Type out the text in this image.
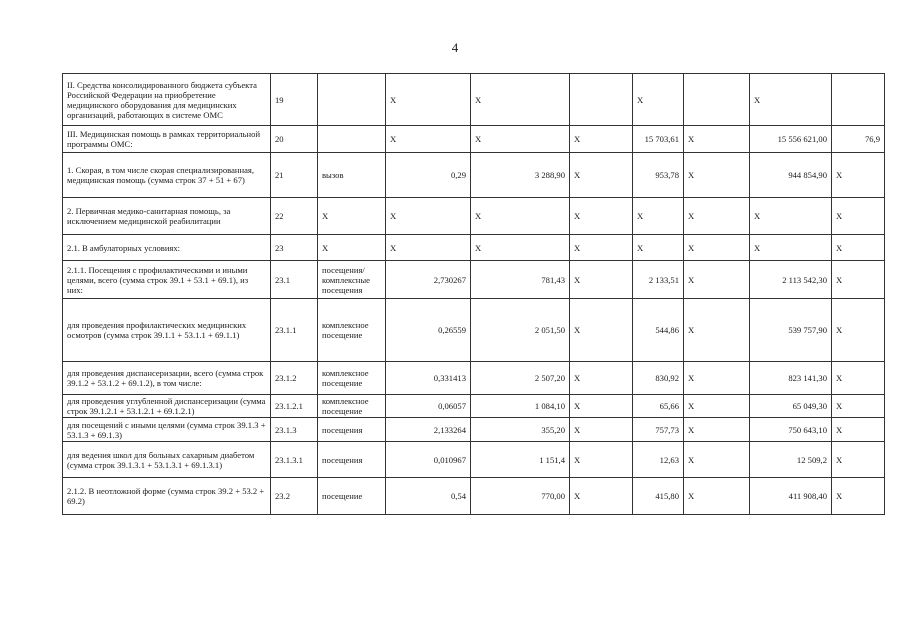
4
II. Средства консолидированного бюджета субъекта Российской Федерации на приобретение медицинского оборудования для медицинских организаций, работающих в системе ОМС	19		X	X		X		X	
III. Медицинская помощь в рамках территориальной программы ОМС:	20		X	X	X	15 703,61	X	15 556 621,00	76,9
1. Скорая, в том числе скорая специализированная, медицинская помощь (сумма строк 37 + 51 + 67)	21	вызов	0,29	3 288,90	X	953,78	X	944 854,90	X
2. Первичная медико-санитарная помощь, за исключением медицинской реабилитации	22	X	X	X	X	X	X	X	X
2.1. В амбулаторных условиях:	23	X	X	X	X	X	X	X	X
2.1.1. Посещения с профилактическими и иными целями, всего (сумма строк 39.1 + 53.1 + 69.1), из них:	23.1	посещения/ комплексные посещения	2,730267	781,43	X	2 133,51	X	2 113 542,30	X
для проведения профилактических медицинских осмотров (сумма строк 39.1.1 + 53.1.1 + 69.1.1)	23.1.1	комплексное посещение	0,26559	2 051,50	X	544,86	X	539 757,90	X
для проведения диспансеризации, всего (сумма строк 39.1.2 + 53.1.2 + 69.1.2), в том числе:	23.1.2	комплексное посещение	0,331413	2 507,20	X	830,92	X	823 141,30	X
для проведения углубленной диспансеризации (сумма строк 39.1.2.1 + 53.1.2.1 + 69.1.2.1)	23.1.2.1	комплексное посещение	0,06057	1 084,10	X	65,66	X	65 049,30	X
для посещений с иными целями (сумма строк 39.1.3 + 53.1.3 + 69.1.3)	23.1.3	посещения	2,133264	355,20	X	757,73	X	750 643,10	X
для ведения школ для больных сахарным диабетом (сумма строк 39.1.3.1 + 53.1.3.1 + 69.1.3.1)	23.1.3.1	посещения	0,010967	1 151,4	X	12,63	X	12 509,2	X
2.1.2. В неотложной форме (сумма строк 39.2 + 53.2 + 69.2)	23.2	посещение	0,54	770,00	X	415,80	X	411 908,40	X
